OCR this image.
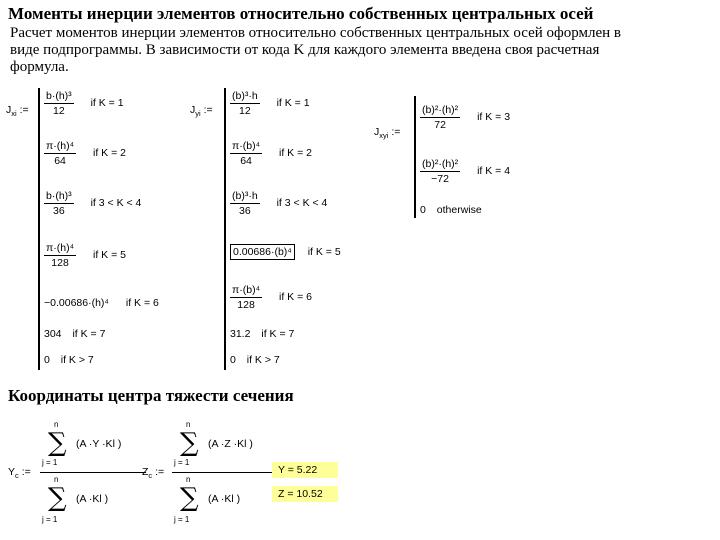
Моменты инерции элементов относительно собственных центральных осей
Расчет моментов инерции элементов относительно собственных центральных осей оформлен в виде подпрограммы. В зависимости от кода K для каждого элемента введена своя расчетная формула.
$J_{xi}$ := $\frac{\text{b·(h)³}}{12}$ if K = 1
$\frac{\text{π·(h)⁴}}{64}$ if K = 2
$\frac{\text{b·(h)³}}{36}$ if 3 < K < 4
$\frac{\text{π·(h)⁴}}{128}$ if K = 5
−0.00686·(h)⁴ if K = 6
304 if K = 7
0 if K > 7
$J_{yi}$ := $\frac{\text{(b)³·h}}{12}$ if K = 1
$\frac{\text{π·(b)⁴}}{64}$ if K = 2
$\frac{\text{(b)³·h}}{36}$ if 3 < K < 4
0.00686·(b)⁴ if K = 5
$\frac{\text{π·(b)⁴}}{128}$ if K = 6
31.2 if K = 7
0 if K > 7
$J_{xyi}$ :=
$\frac{\text{(b)²·(h)²}}{72}$ if K = 3
$\frac{\text{(b)²·(h)²}}{-72}$ if K = 4
0 otherwise
Координаты центра тяжести сечения
$Y_c$ := n
∑
j = 1
(A ·Y ·Kl )
n
∑
j = 1
(A ·Kl )
$Z_c$ := n
∑
j = 1
(A ·Z ·Kl )
n
∑
j = 1
(A ·Kl ) Y = 5.22
Z = 10.52
